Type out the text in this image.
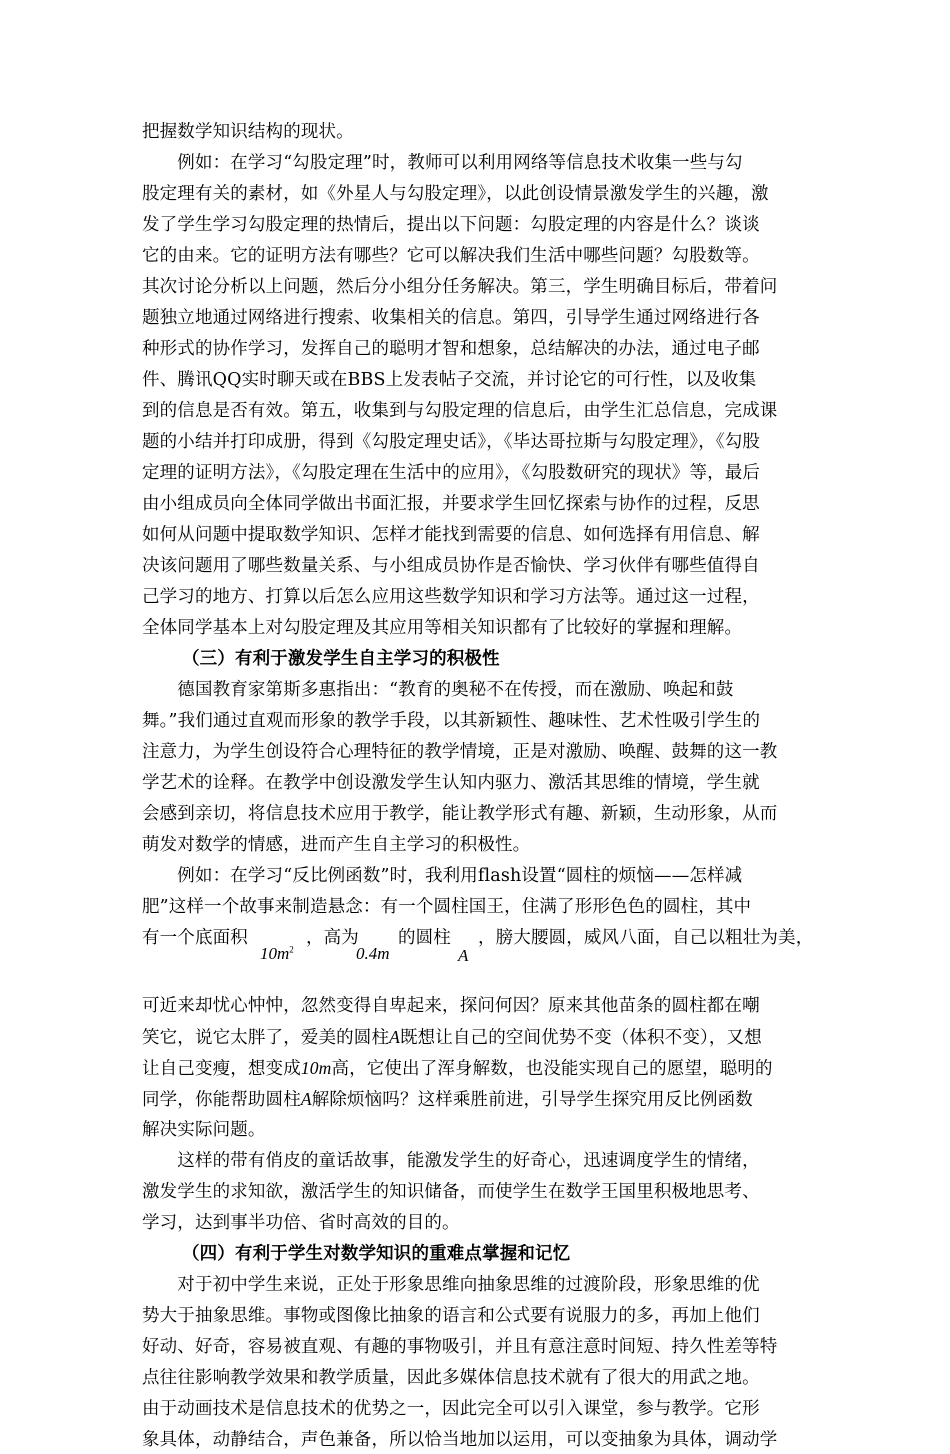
把握数学知识结构的现状。
　　例如：在学习“勾股定理”时，教师可以利用网络等信息技术收集一些与勾
股定理有关的素材，如《外星人与勾股定理》，以此创设情景激发学生的兴趣，激
发了学生学习勾股定理的热情后，提出以下问题：勾股定理的内容是什么？谈谈
它的由来。它的证明方法有哪些？它可以解决我们生活中哪些问题？勾股数等。
其次讨论分析以上问题，然后分小组分任务解决。第三，学生明确目标后，带着问
题独立地通过网络进行搜索、收集相关的信息。第四，引导学生通过网络进行各
种形式的协作学习，发挥自己的聪明才智和想象，总结解决的办法，通过电子邮
件、腾讯QQ实时聊天或在BBS上发表帖子交流，并讨论它的可行性，以及收集
到的信息是否有效。第五，收集到与勾股定理的信息后，由学生汇总信息，完成课
题的小结并打印成册，得到《勾股定理史话》，《毕达哥拉斯与勾股定理》，《勾股
定理的证明方法》，《勾股定理在生活中的应用》，《勾股数研究的现状》等，最后
由小组成员向全体同学做出书面汇报，并要求学生回忆探索与协作的过程，反思
如何从问题中提取数学知识、怎样才能找到需要的信息、如何选择有用信息、解
决该问题用了哪些数量关系、与小组成员协作是否愉快、学习伙伴有哪些值得自
己学习的地方、打算以后怎么应用这些数学知识和学习方法等。通过这一过程，
全体同学基本上对勾股定理及其应用等相关知识都有了比较好的掌握和理解。
（三）有利于激发学生自主学习的积极性
　　德国教育家第斯多惠指出：“教育的奥秘不在传授，而在激励、唤起和鼓
舞。”我们通过直观而形象的教学手段，以其新颖性、趣味性、艺术性吸引学生的
注意力，为学生创设符合心理特征的教学情境，正是对激励、唤醒、鼓舞的这一教
学艺术的诠释。在教学中创设激发学生认知内驱力、激活其思维的情境，学生就
会感到亲切，将信息技术应用于教学，能让教学形式有趣、新颖，生动形象，从而
萌发对数学的情感，进而产生自主学习的积极性。
　　例如：在学习“反比例函数”时，我利用flash设置“圆柱的烦恼——怎样减
肥”这样一个故事来制造悬念：有一个圆柱国王，住满了形形色色的圆柱，其中
有一个底面积
$10m^2$
，高为
0.4m
的圆柱
A
，膀大腰圆，威风八面，自己以粗壮为美，
可近来却忧心忡忡，忽然变得自卑起来，探问何因？原来其他苗条的圆柱都在嘲
笑它，说它太胖了，爱美的圆柱A既想让自己的空间优势不变（体积不变），又想
让自己变瘦，想变成10m高，它使出了浑身解数，也没能实现自己的愿望，聪明的
同学，你能帮助圆柱A解除烦恼吗？这样乘胜前进，引导学生探究用反比例函数
解决实际问题。
　　这样的带有俏皮的童话故事，能激发学生的好奇心，迅速调度学生的情绪，
激发学生的求知欲，激活学生的知识储备，而使学生在数学王国里积极地思考、
学习，达到事半功倍、省时高效的目的。
（四）有利于学生对数学知识的重难点掌握和记忆
　　对于初中学生来说，正处于形象思维向抽象思维的过渡阶段，形象思维的优
势大于抽象思维。事物或图像比抽象的语言和公式要有说服力的多，再加上他们
好动、好奇，容易被直观、有趣的事物吸引，并且有意注意时间短、持久性差等特
点往往影响教学效果和教学质量，因此多媒体信息技术就有了很大的用武之地。
由于动画技术是信息技术的优势之一，因此完全可以引入课堂，参与教学。它形
象具体，动静结合，声色兼备，所以恰当地加以运用，可以变抽象为具体，调动学
